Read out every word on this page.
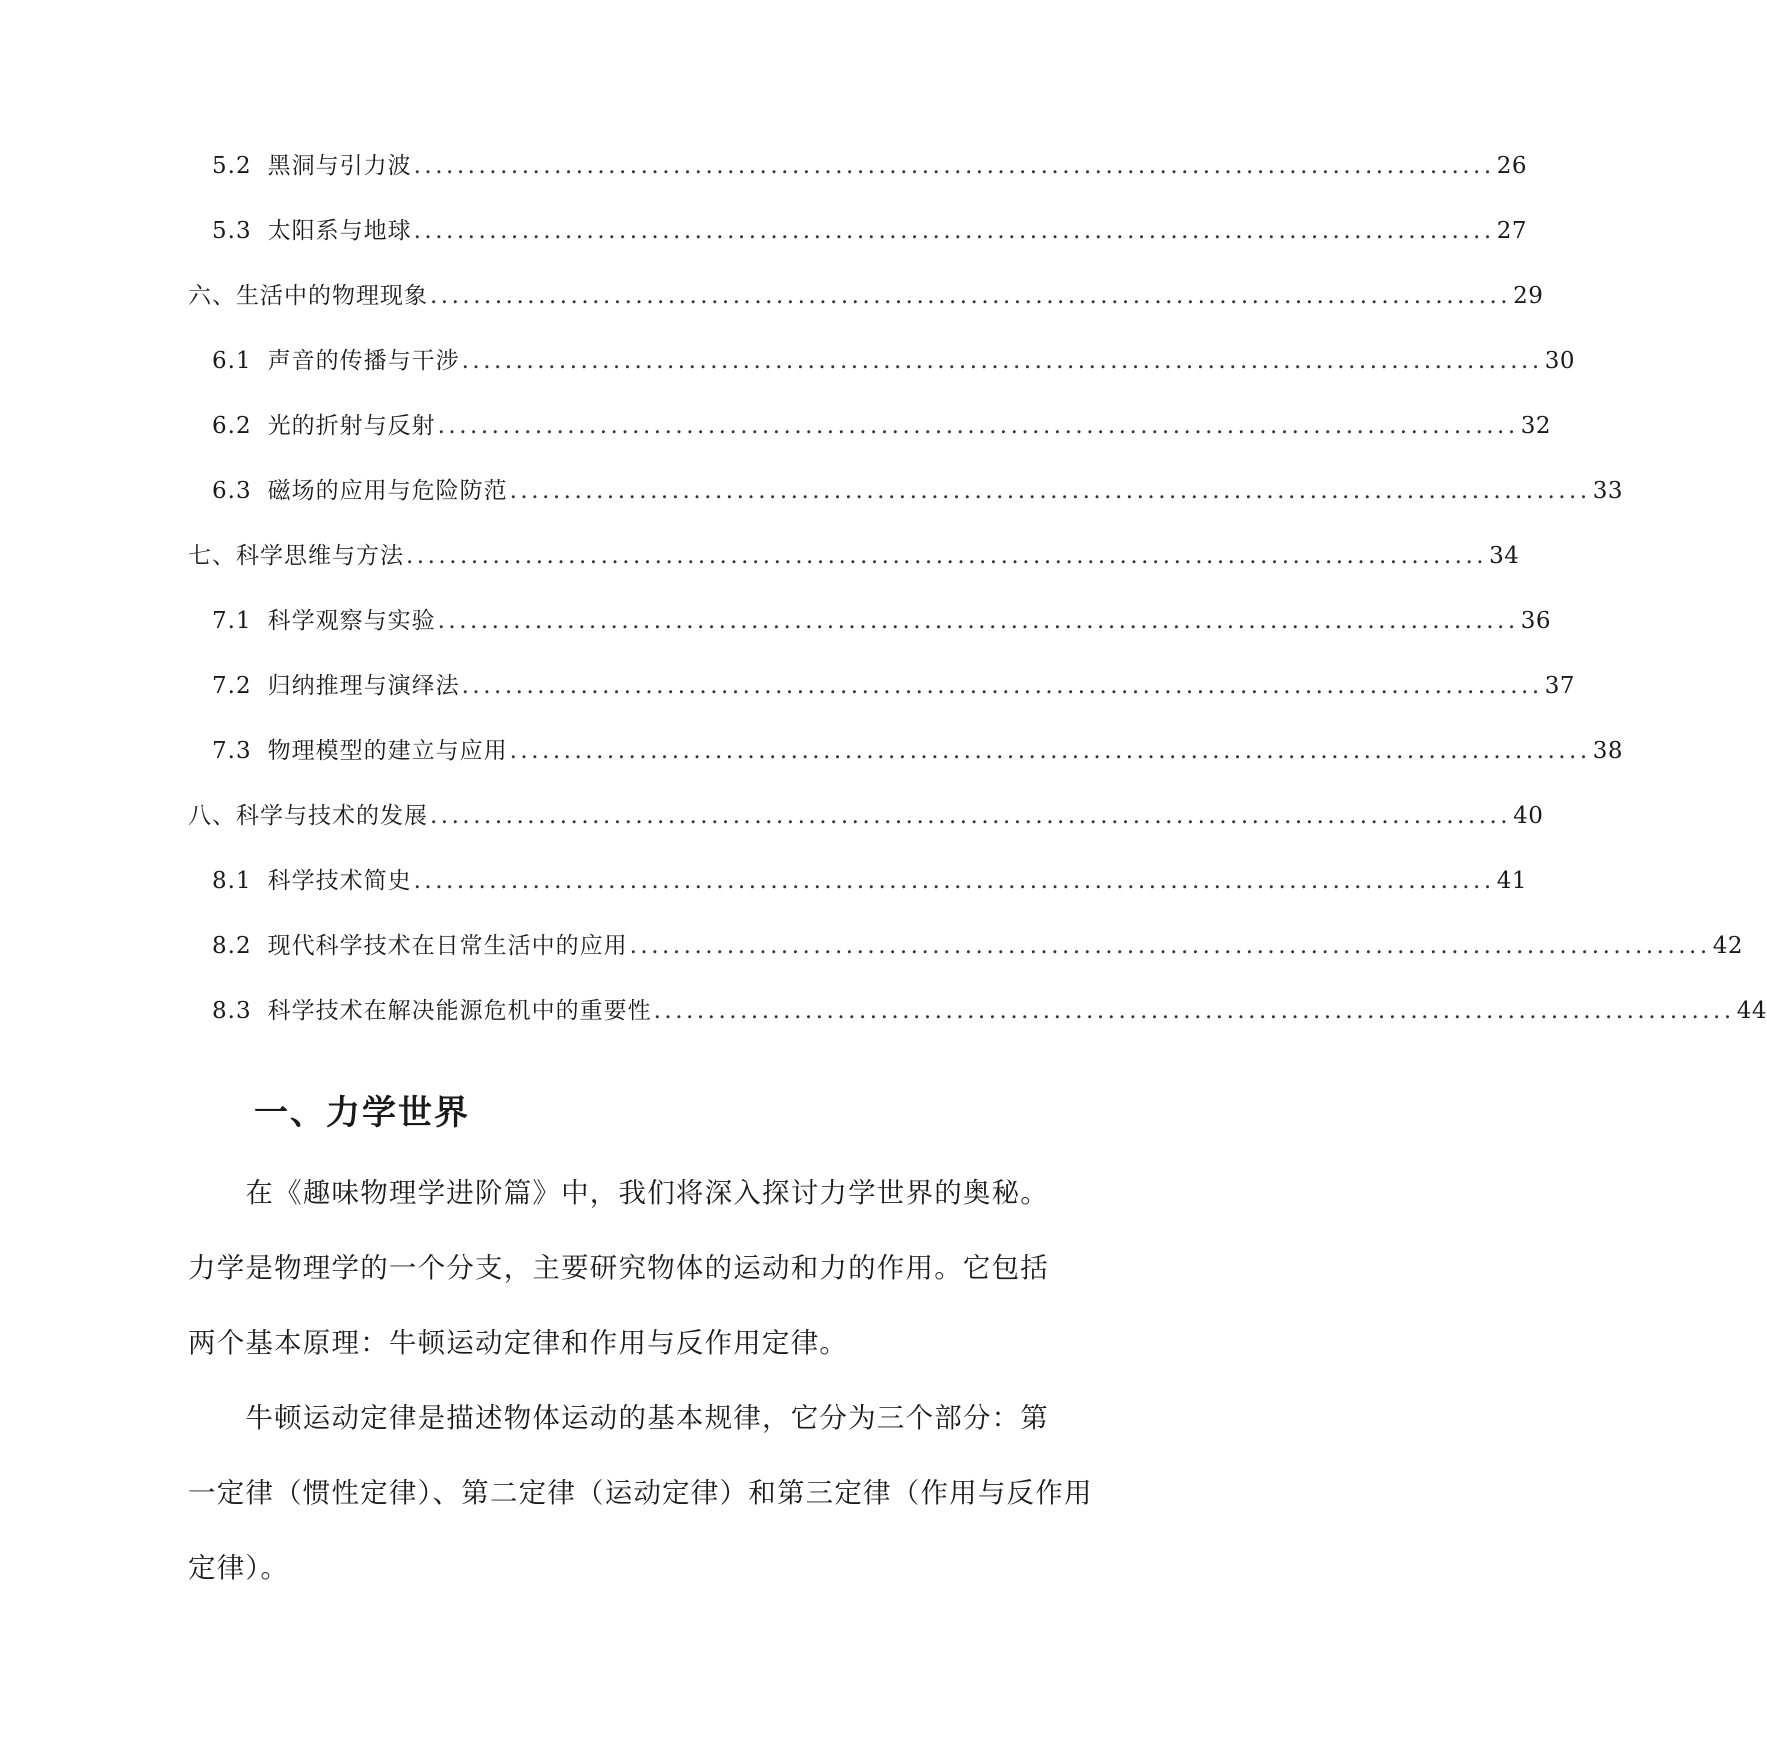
5.2 黑洞与引力波 .................................................................................................... 26
5.3 太阳系与地球 .................................................................................................... 27
六、生活中的物理现象 .................................................................................................... 29
6.1 声音的传播与干涉 .................................................................................................... 30
6.2 光的折射与反射 .................................................................................................... 32
6.3 磁场的应用与危险防范 .................................................................................................... 33
七、科学思维与方法 .................................................................................................... 34
7.1 科学观察与实验 .................................................................................................... 36
7.2 归纳推理与演绎法 .................................................................................................... 37
7.3 物理模型的建立与应用 .................................................................................................... 38
八、科学与技术的发展 .................................................................................................... 40
8.1 科学技术简史 .................................................................................................... 41
8.2 现代科学技术在日常生活中的应用 .................................................................................................... 42
8.3 科学技术在解决能源危机中的重要性 .................................................................................................... 44
一、力学世界
　　在《趣味物理学进阶篇》中，我们将深入探讨力学世界的奥秘。
力学是物理学的一个分支，主要研究物体的运动和力的作用。它包括
两个基本原理：牛顿运动定律和作用与反作用定律。
　　牛顿运动定律是描述物体运动的基本规律，它分为三个部分：第
一定律（惯性定律）、第二定律（运动定律）和第三定律（作用与反作用
定律）。
